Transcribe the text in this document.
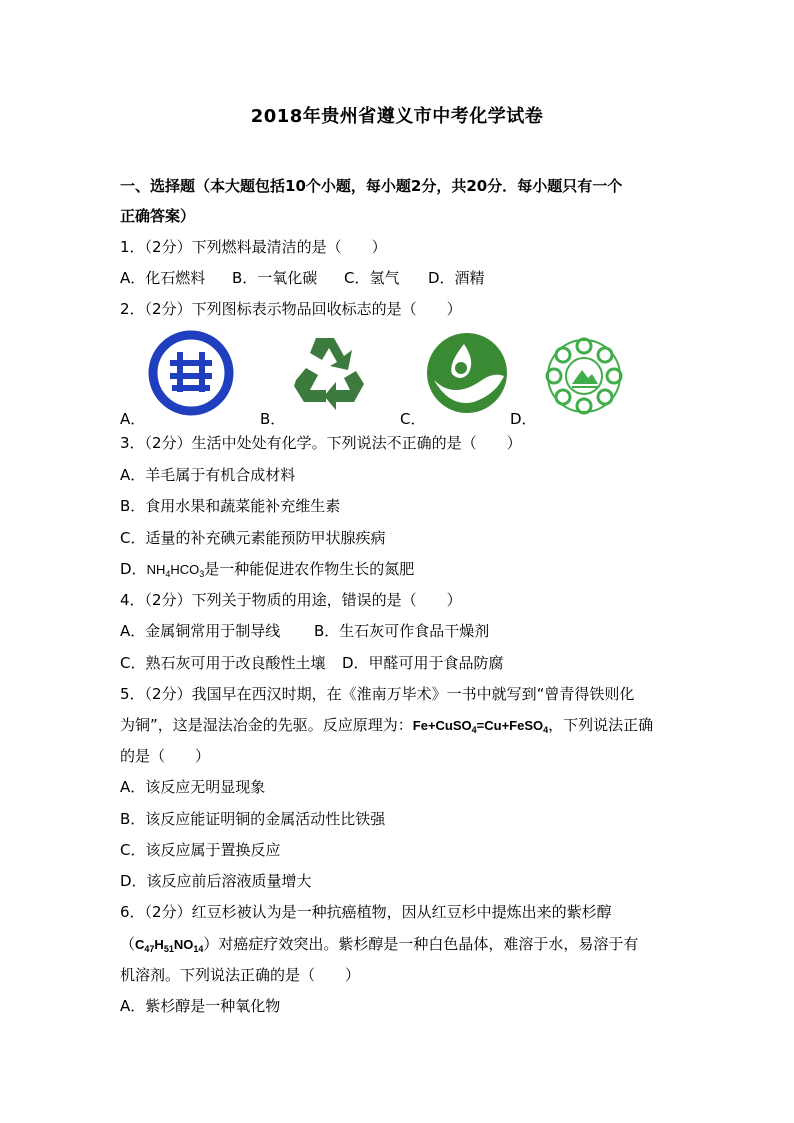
2018年贵州省遵义市中考化学试卷
一、选择题（本大题包括10个小题，每小题2分，共20分．每小题只有一个
正确答案）
1．（2分）下列燃料最清洁的是（　　）
A．化石燃料 B．一氧化碳 C．氢气 D．酒精
2．（2分）下列图标表示物品回收标志的是（　　）
A．	B．	C．	D．
3．（2分）生活中处处有化学。下列说法不正确的是（　　）
A．羊毛属于有机合成材料
B．食用水果和蔬菜能补充维生素
C．适量的补充碘元素能预防甲状腺疾病
D．$NH_4HCO_3$是一种能促进农作物生长的氮肥
4．（2分）下列关于物质的用途，错误的是（　　）
A．金属铜常用于制导线 B．生石灰可作食品干燥剂
C．熟石灰可用于改良酸性土壤 D．甲醛可用于食品防腐
5．（2分）我国早在西汉时期，在《淮南万毕术》一书中就写到“曾青得铁则化
为铜”，这是湿法冶金的先驱。反应原理为：Fe+CuSO$_4$=Cu+FeSO$_4$，下列说法正确
的是（　　）
A．该反应无明显现象
B．该反应能证明铜的金属活动性比铁强
C．该反应属于置换反应
D．该反应前后溶液质量增大
6．（2分）红豆杉被认为是一种抗癌植物，因从红豆杉中提炼出来的紫杉醇
$(C_{47}H_{51}NO_{14})$对癌症疗效突出。紫杉醇是一种白色晶体，难溶于水，易溶于有
机溶剂。下列说法正确的是（　　）
A．紫杉醇是一种氧化物
